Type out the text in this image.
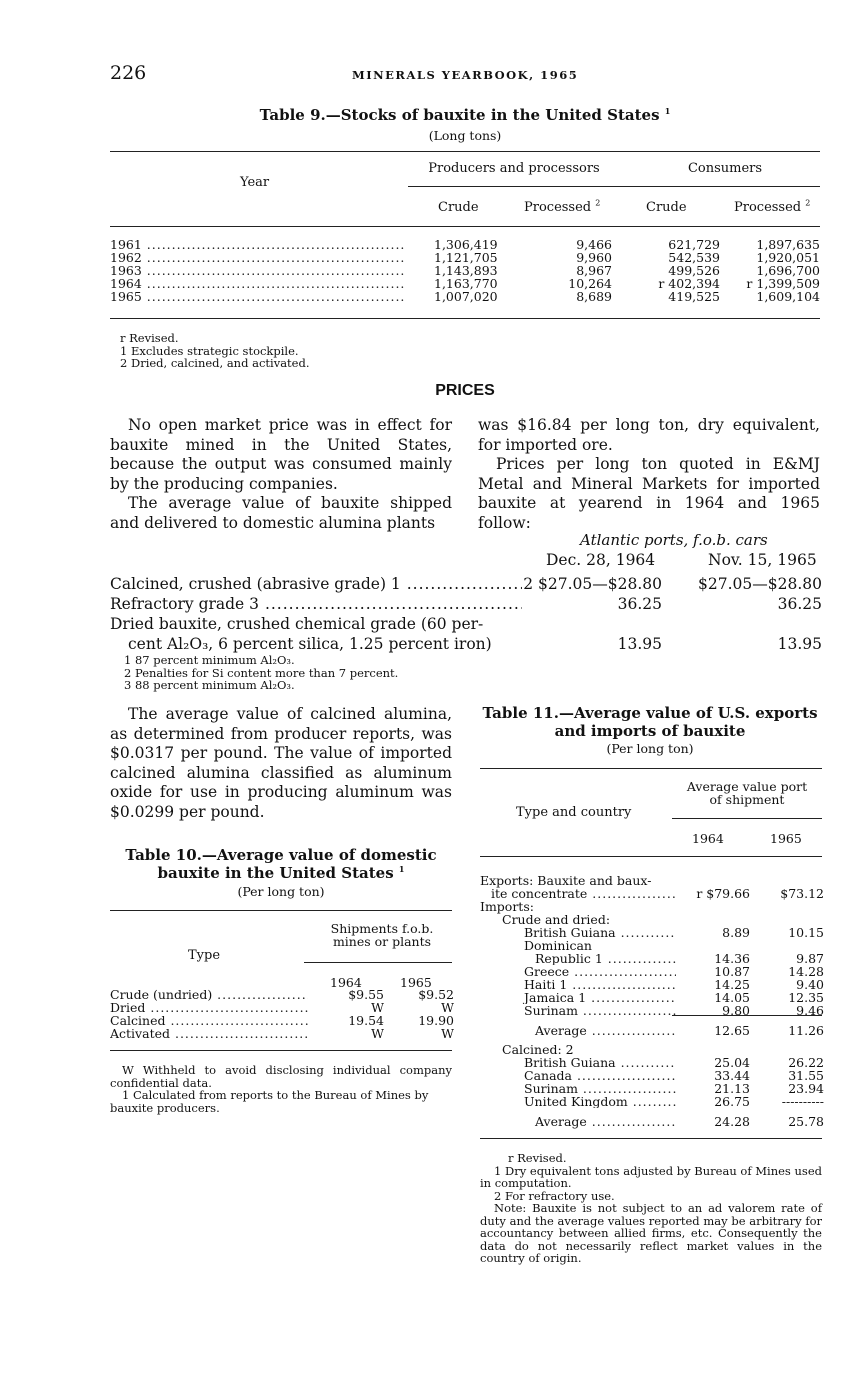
226	MINERALS YEARBOOK, 1965
Table 9.—Stocks of bauxite in the United States $^1$
(Long tons)
Year
Producers and processors	Consumers
Crude	Processed $^2$	Crude	Processed $^2$
1961 .....	1,306,419	9,466	621,729	1,897,635
1962 .....	1,121,705	9,960	542,539	1,920,051
1963 .....	1,143,893	8,967	499,526	1,696,700
1964 .....	1,163,770	10,264	r 402,394	r 1,399,509
1965 .....	1,007,020	8,689	419,525	1,609,104

r Revised.

1 Excludes strategic stockpile.

2 Dried, calcined, and activated.

PRICES

No open market price was in effect for bauxite mined in the United States, because the output was consumed mainly by the producing companies.

The average value of bauxite shipped and delivered to domestic alumina plants

was $16.84 per long ton, dry equivalent, for imported ore.

Prices per long ton quoted in E&MJ Metal and Mineral Markets for imported bauxite at yearend in 1964 and 1965 follow:

Atlantic ports, f.o.b. cars
Dec. 28, 1964	Nov. 15, 1965
Calcined, crushed (abrasive grade) 1 .....	2 $27.05—$28.80	$27.05—$28.80
Refractory grade 3 .....	36.25	36.25
Dried bauxite, crushed chemical grade (60 per-
cent Al₂O₃, 6 percent silica, 1.25 percent iron)	13.95	13.95

1 87 percent minimum Al₂O₃.

2 Penalties for Si content more than 7 percent.

3 88 percent minimum Al₂O₃.

The average value of calcined alumina, as determined from producer reports, was $0.0317 per pound. The value of imported calcined alumina classified as aluminum oxide for use in producing aluminum was $0.0299 per pound.

Table 10.—Average value of domestic
bauxite in the United States $^1$
(Per long ton)
Type
Shipments f.o.b. mines or plants
1964	1965
Crude (undried) .....	$9.55	$9.52
Dried .....	W	W
Calcined .....	19.54	19.90
Activated .....	W	W

W Withheld to avoid disclosing individual company confidential data.

1 Calculated from reports to the Bureau of Mines by bauxite producers.

Table 11.—Average value of U.S. exports
and imports of bauxite
(Per long ton)
Type and country
Average value port of shipment
1964	1965
Exports: Bauxite and baux-		
ite concentrate .....	r $79.66	$73.12
Imports:		
Crude and dried:		
British Guiana .....	8.89	10.15
Dominican		
Republic 1 .....	14.36	9.87
Greece .....	10.87	14.28
Haiti 1 .....	14.25	9.40
Jamaica 1 .....	14.05	12.35
Surinam .....	9.80	9.46
Average .....	12.65	11.26
Calcined: 2		
British Guiana .....	25.04	26.22
Canada .....	33.44	31.55
Surinam .....	21.13	23.94
United Kingdom .....	26.75	----------
Average .....	24.28	25.78

r Revised.

1 Dry equivalent tons adjusted by Bureau of Mines used in computation.

2 For refractory use.

Note: Bauxite is not subject to an ad valorem rate of duty and the average values reported may be arbitrary for accountancy between allied firms, etc. Consequently the data do not necessarily reflect market values in the country of origin.
